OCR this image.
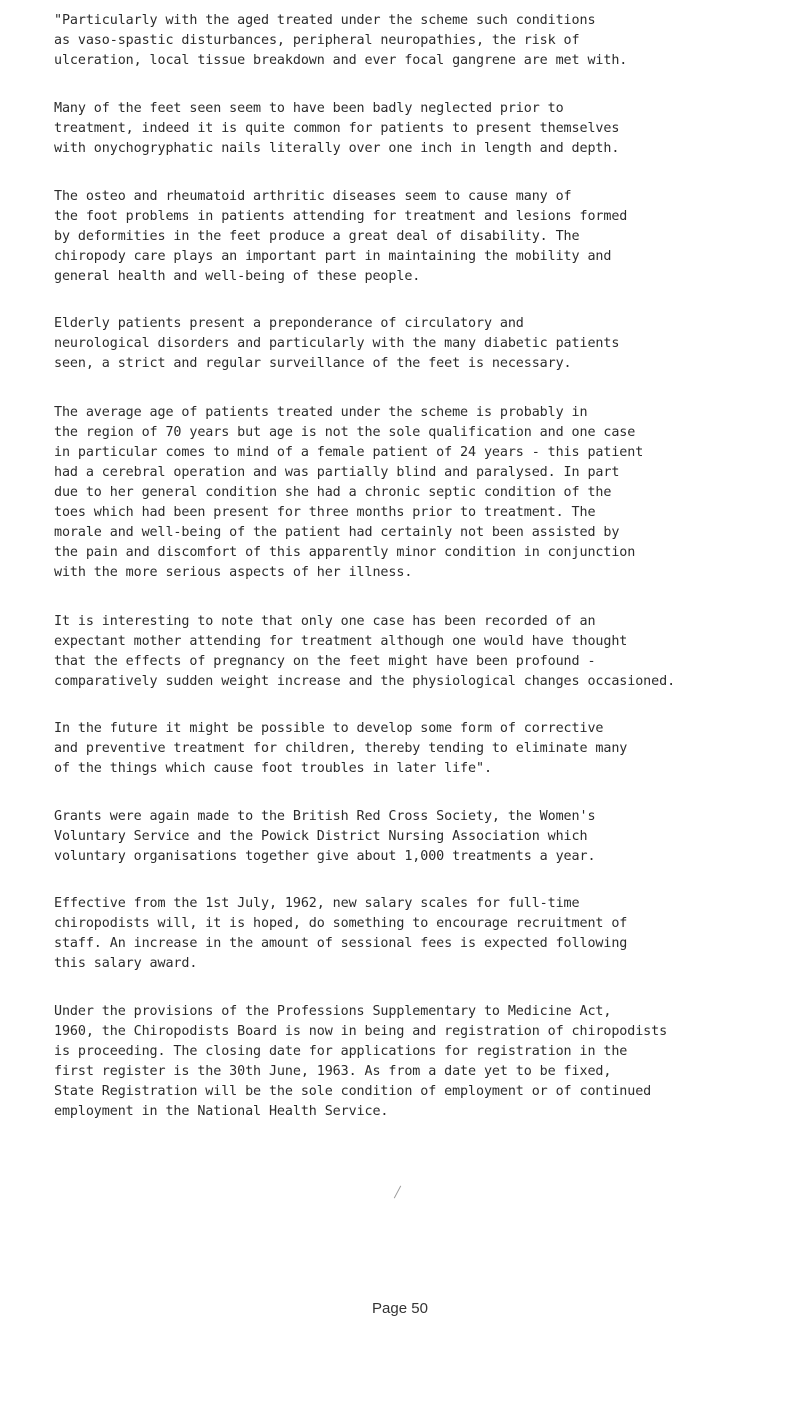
"Particularly with the aged treated under the scheme such conditions
as vaso-spastic disturbances, peripheral neuropathies, the risk of
ulceration, local tissue breakdown and ever focal gangrene are met with.
Many of the feet seen seem to have been badly neglected prior to
treatment, indeed it is quite common for patients to present themselves
with onychogryphatic nails literally over one inch in length and depth.
The osteo and rheumatoid arthritic diseases seem to cause many of
the foot problems in patients attending for treatment and lesions formed
by deformities in the feet produce a great deal of disability. The
chiropody care plays an important part in maintaining the mobility and
general health and well-being of these people.
Elderly patients present a preponderance of circulatory and
neurological disorders and particularly with the many diabetic patients
seen, a strict and regular surveillance of the feet is necessary.
The average age of patients treated under the scheme is probably in
the region of 70 years but age is not the sole qualification and one case
in particular comes to mind of a female patient of 24 years - this patient
had a cerebral operation and was partially blind and paralysed. In part
due to her general condition she had a chronic septic condition of the
toes which had been present for three months prior to treatment. The
morale and well-being of the patient had certainly not been assisted by
the pain and discomfort of this apparently minor condition in conjunction
with the more serious aspects of her illness.
It is interesting to note that only one case has been recorded of an
expectant mother attending for treatment although one would have thought
that the effects of pregnancy on the feet might have been profound -
comparatively sudden weight increase and the physiological changes occasioned.
In the future it might be possible to develop some form of corrective
and preventive treatment for children, thereby tending to eliminate many
of the things which cause foot troubles in later life".
Grants were again made to the British Red Cross Society, the Women's
Voluntary Service and the Powick District Nursing Association which
voluntary organisations together give about 1,000 treatments a year.
Effective from the 1st July, 1962, new salary scales for full-time
chiropodists will, it is hoped, do something to encourage recruitment of
staff. An increase in the amount of sessional fees is expected following
this salary award.
Under the provisions of the Professions Supplementary to Medicine Act,
1960, the Chiropodists Board is now in being and registration of chiropodists
is proceeding. The closing date for applications for registration in the
first register is the 30th June, 1963. As from a date yet to be fixed,
State Registration will be the sole condition of employment or of continued
employment in the National Health Service.
Page 50
